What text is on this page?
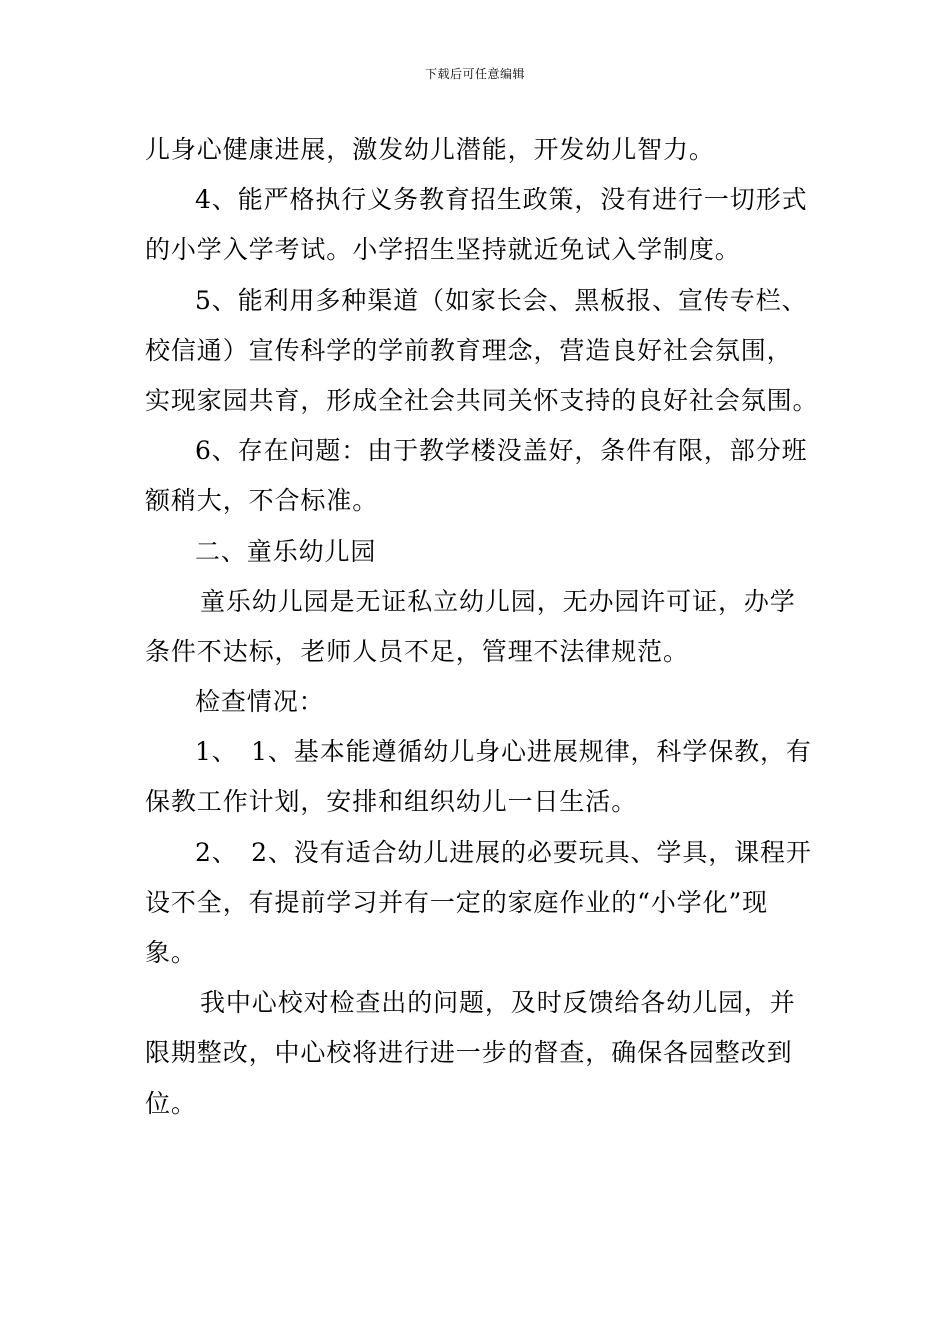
下载后可任意编辑
儿身心健康进展，激发幼儿潜能，开发幼儿智力。
4、能严格执行义务教育招生政策，没有进行一切形式
的小学入学考试。小学招生坚持就近免试入学制度。
5、能利用多种渠道（如家长会、黑板报、宣传专栏、
校信通）宣传科学的学前教育理念，营造良好社会氛围，
实现家园共育，形成全社会共同关怀支持的良好社会氛围。
6、存在问题：由于教学楼没盖好，条件有限，部分班
额稍大，不合标准。
二、童乐幼儿园
童乐幼儿园是无证私立幼儿园，无办园许可证，办学
条件不达标，老师人员不足，管理不法律规范。
检查情况：
1、　1、基本能遵循幼儿身心进展规律，科学保教，有
保教工作计划，安排和组织幼儿一日生活。
2、　2、没有适合幼儿进展的必要玩具、学具，课程开
设不全，有提前学习并有一定的家庭作业的“小学化”现
象。
我中心校对检查出的问题，及时反馈给各幼儿园，并
限期整改，中心校将进行进一步的督查，确保各园整改到
位。
